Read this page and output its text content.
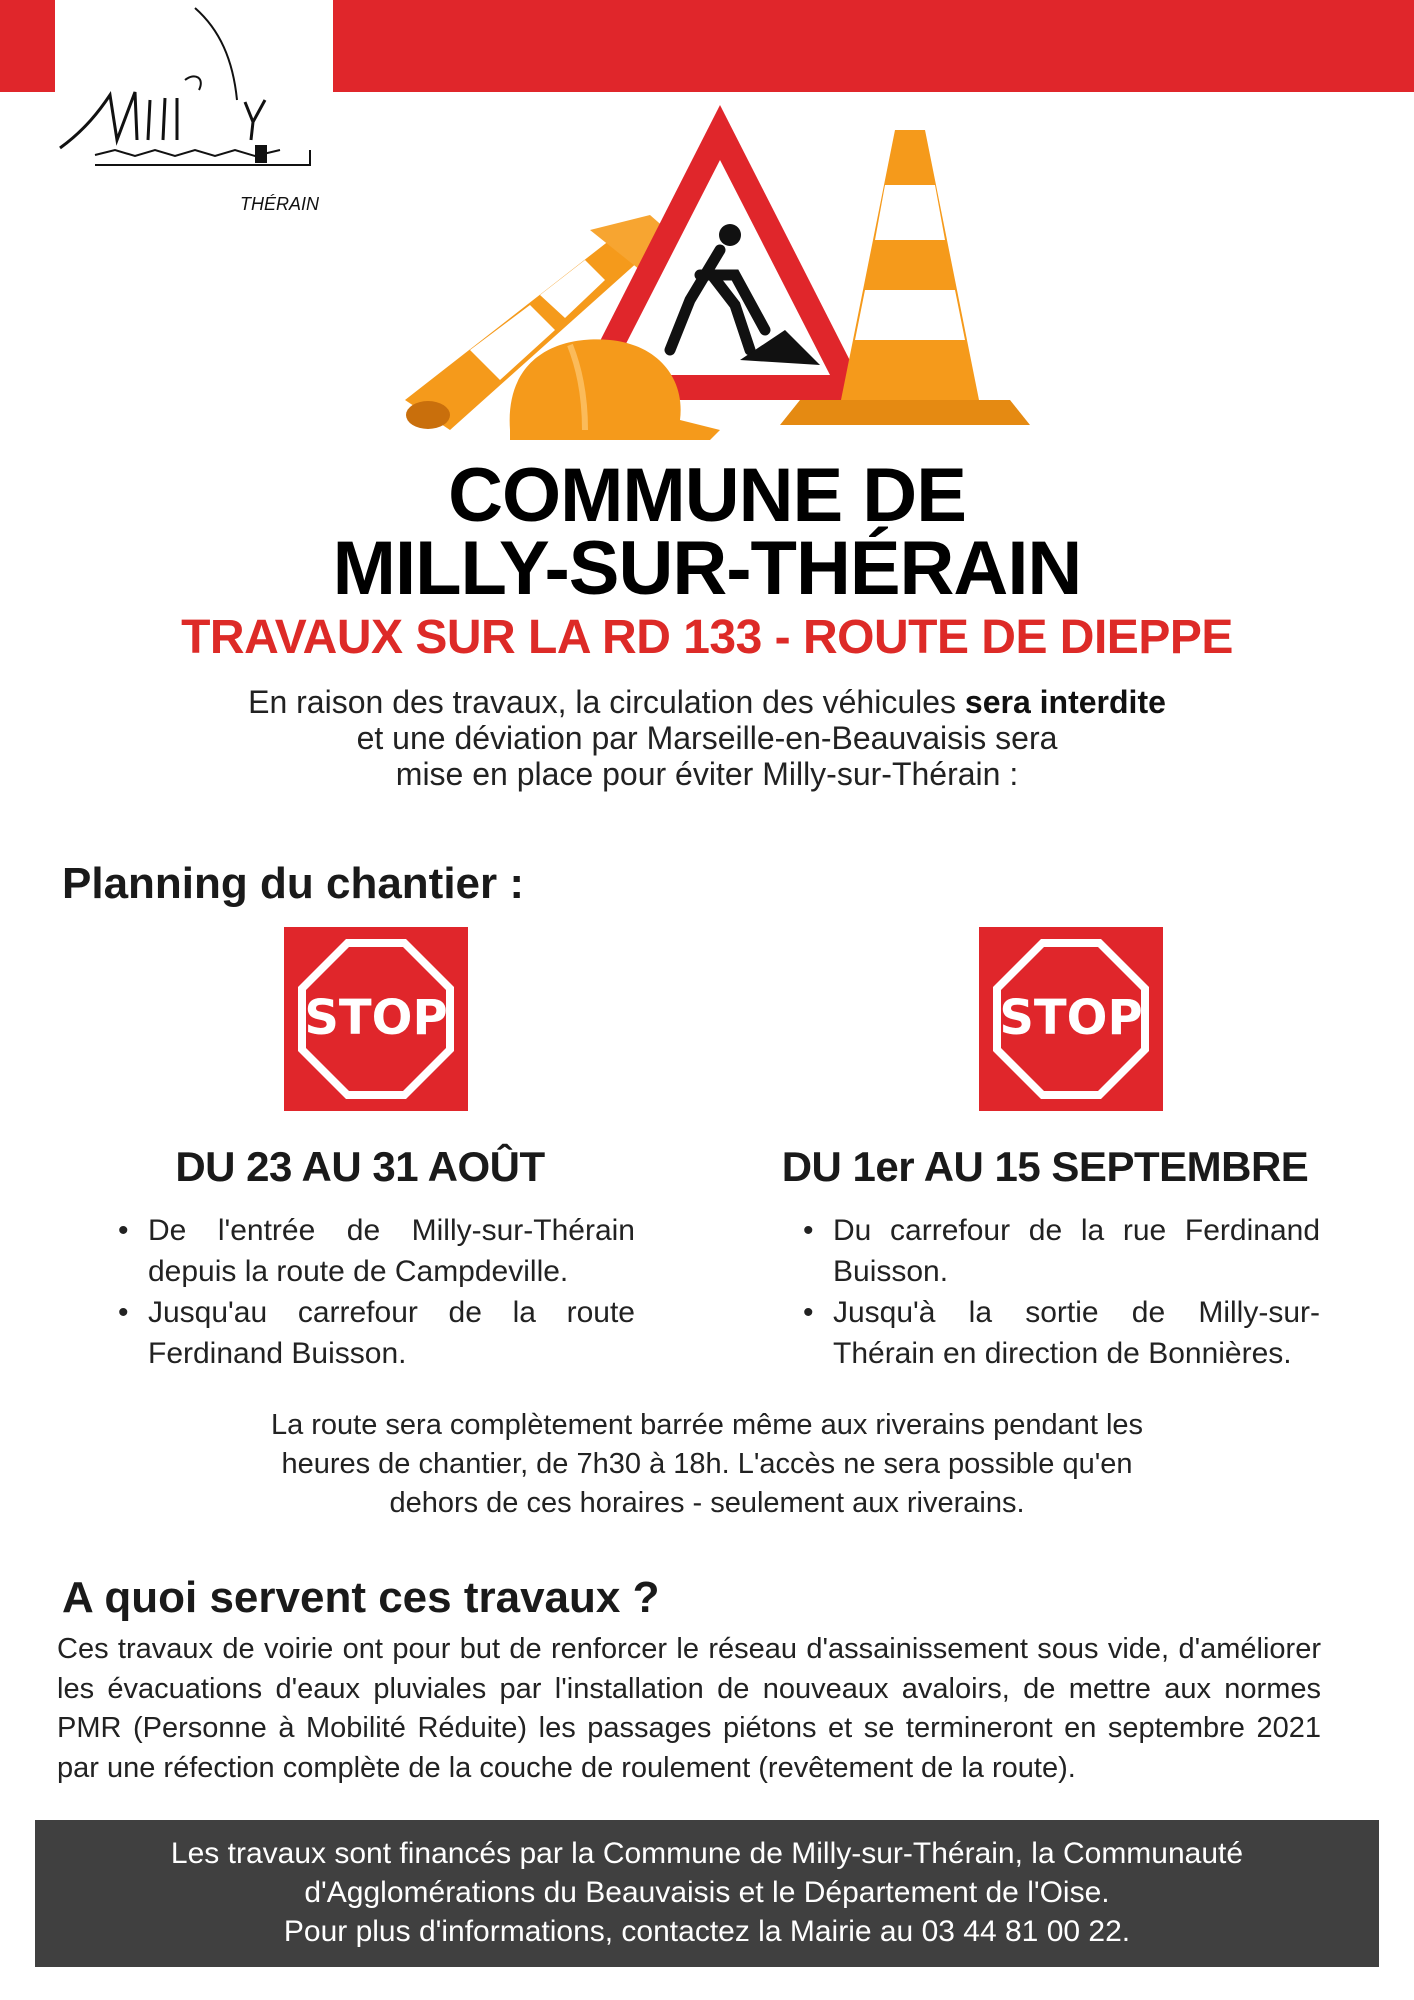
THÉRAIN
MILLY
COMMUNE DE
MILLY-SUR-THÉRAIN
TRAVAUX SUR LA RD 133 - ROUTE DE DIEPPE
En raison des travaux, la circulation des véhicules sera interdite
et une déviation par Marseille-en-Beauvaisis sera
mise en place pour éviter Milly-sur-Thérain :
Planning du chantier :
STOP	STOP
DU 23 AU 31 AOÛT	DU 1er AU 15 SEPTEMBRE
• De l'entrée de Milly-sur-Thérain depuis la route de Campdeville.
• Jusqu'au carrefour de la route Ferdinand Buisson.
• Du carrefour de la rue Ferdinand Buisson.
• Jusqu'à la sortie de Milly-sur-Thérain en direction de Bonnières.
La route sera complètement barrée même aux riverains pendant les
heures de chantier, de 7h30 à 18h. L'accès ne sera possible qu'en
dehors de ces horaires - seulement aux riverains.
A quoi servent ces travaux ?
Ces travaux de voirie ont pour but de renforcer le réseau d'assainissement sous vide, d'améliorer les évacuations d'eaux pluviales par l'installation de nouveaux avaloirs, de mettre aux normes PMR (Personne à Mobilité Réduite) les passages piétons et se termineront en septembre 2021 par une réfection complète de la couche de roulement (revêtement de la route).
Les travaux sont financés par la Commune de Milly-sur-Thérain, la Communauté
d'Agglomérations du Beauvaisis et le Département de l'Oise.
Pour plus d'informations, contactez la Mairie au 03 44 81 00 22.
